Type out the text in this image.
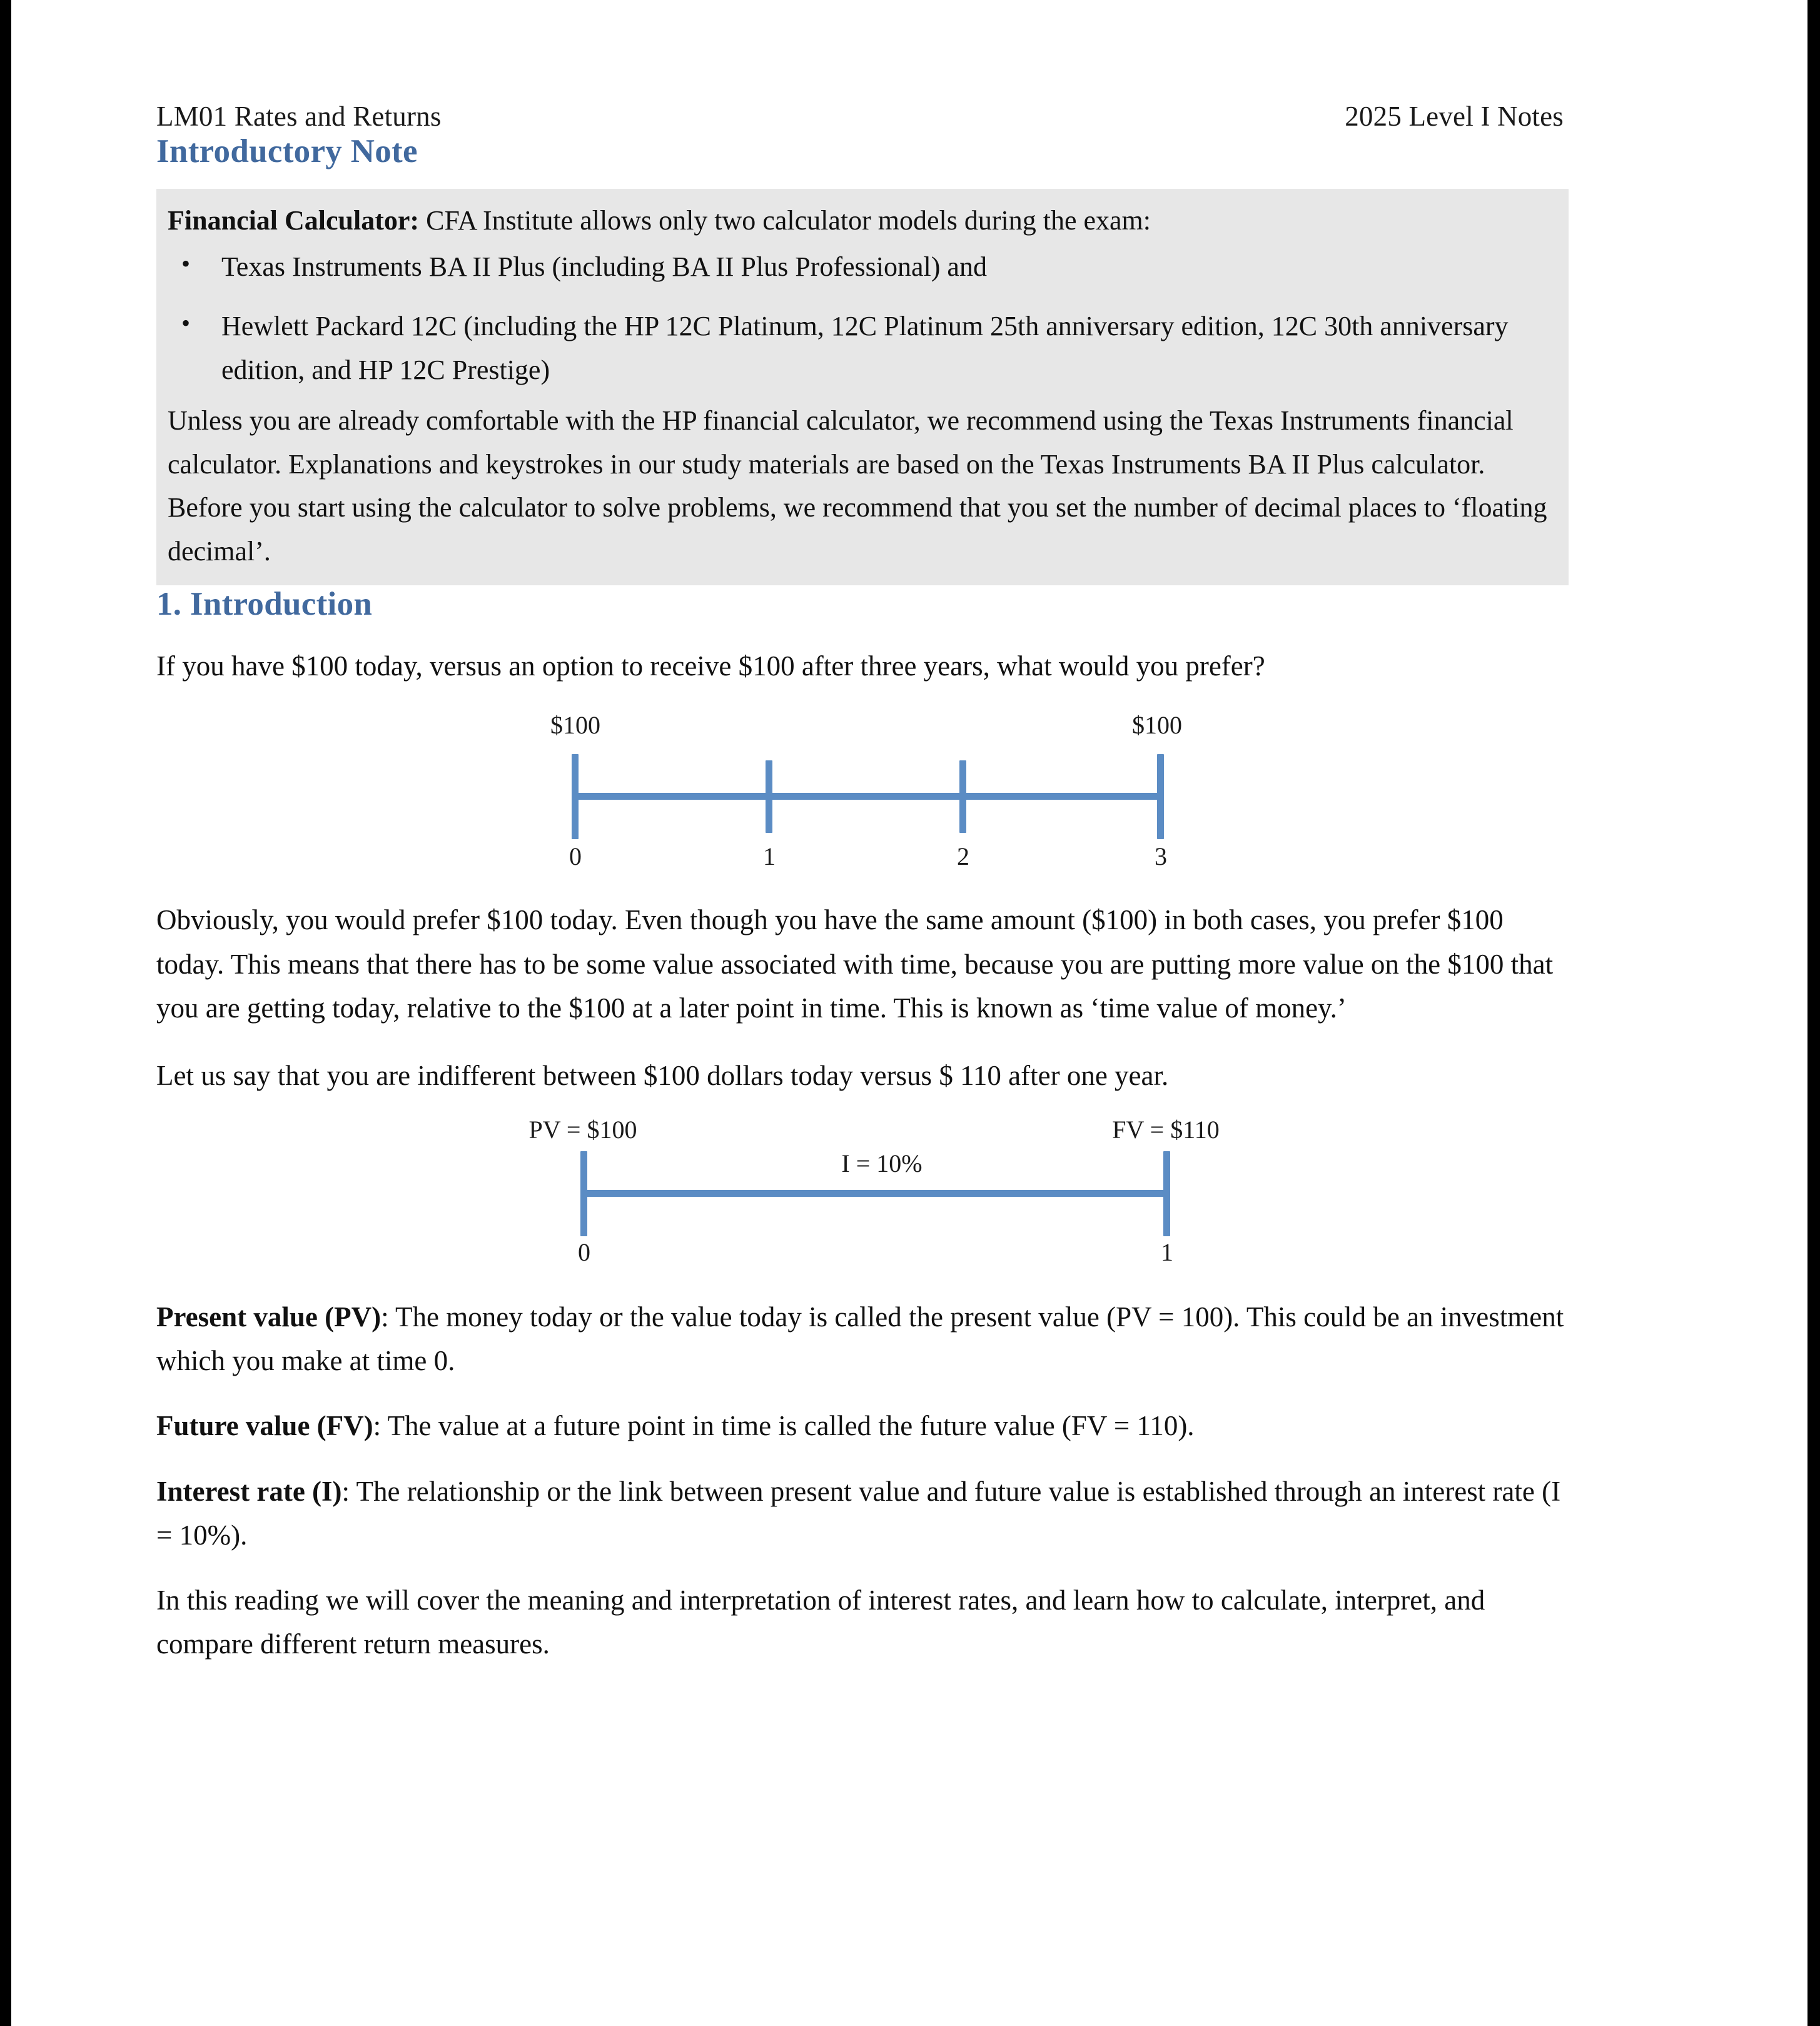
LM01 Rates and Returns	2025 Level I Notes
Introductory Note

Financial Calculator: CFA Institute allows only two calculator models during the exam:

• Texas Instruments BA II Plus (including BA II Plus Professional) and
• Hewlett Packard 12C (including the HP 12C Platinum, 12C Platinum 25th anniversary edition, 12C 30th anniversary edition, and HP 12C Prestige)

Unless you are already comfortable with the HP financial calculator, we recommend using the Texas Instruments financial calculator. Explanations and keystrokes in our study materials are based on the Texas Instruments BA II Plus calculator.

Before you start using the calculator to solve problems, we recommend that you set the number of decimal places to ‘floating decimal’.

1. Introduction

If you have $100 today, versus an option to receive $100 after three years, what would you prefer?

$100	$100
0	1	2	3

Obviously, you would prefer $100 today. Even though you have the same amount ($100) in both cases, you prefer $100 today. This means that there has to be some value associated with time, because you are putting more value on the $100 that you are getting today, relative to the $100 at a later point in time. This is known as ‘time value of money.’

Let us say that you are indifferent between $100 dollars today versus $ 110 after one year.

PV = $100	FV = $110
I = 10%
0	1

Present value (PV): The money today or the value today is called the present value (PV = 100). This could be an investment which you make at time 0.

Future value (FV): The value at a future point in time is called the future value (FV = 110).

Interest rate (I): The relationship or the link between present value and future value is established through an interest rate (I = 10%).

In this reading we will cover the meaning and interpretation of interest rates, and learn how to calculate, interpret, and compare different return measures.
